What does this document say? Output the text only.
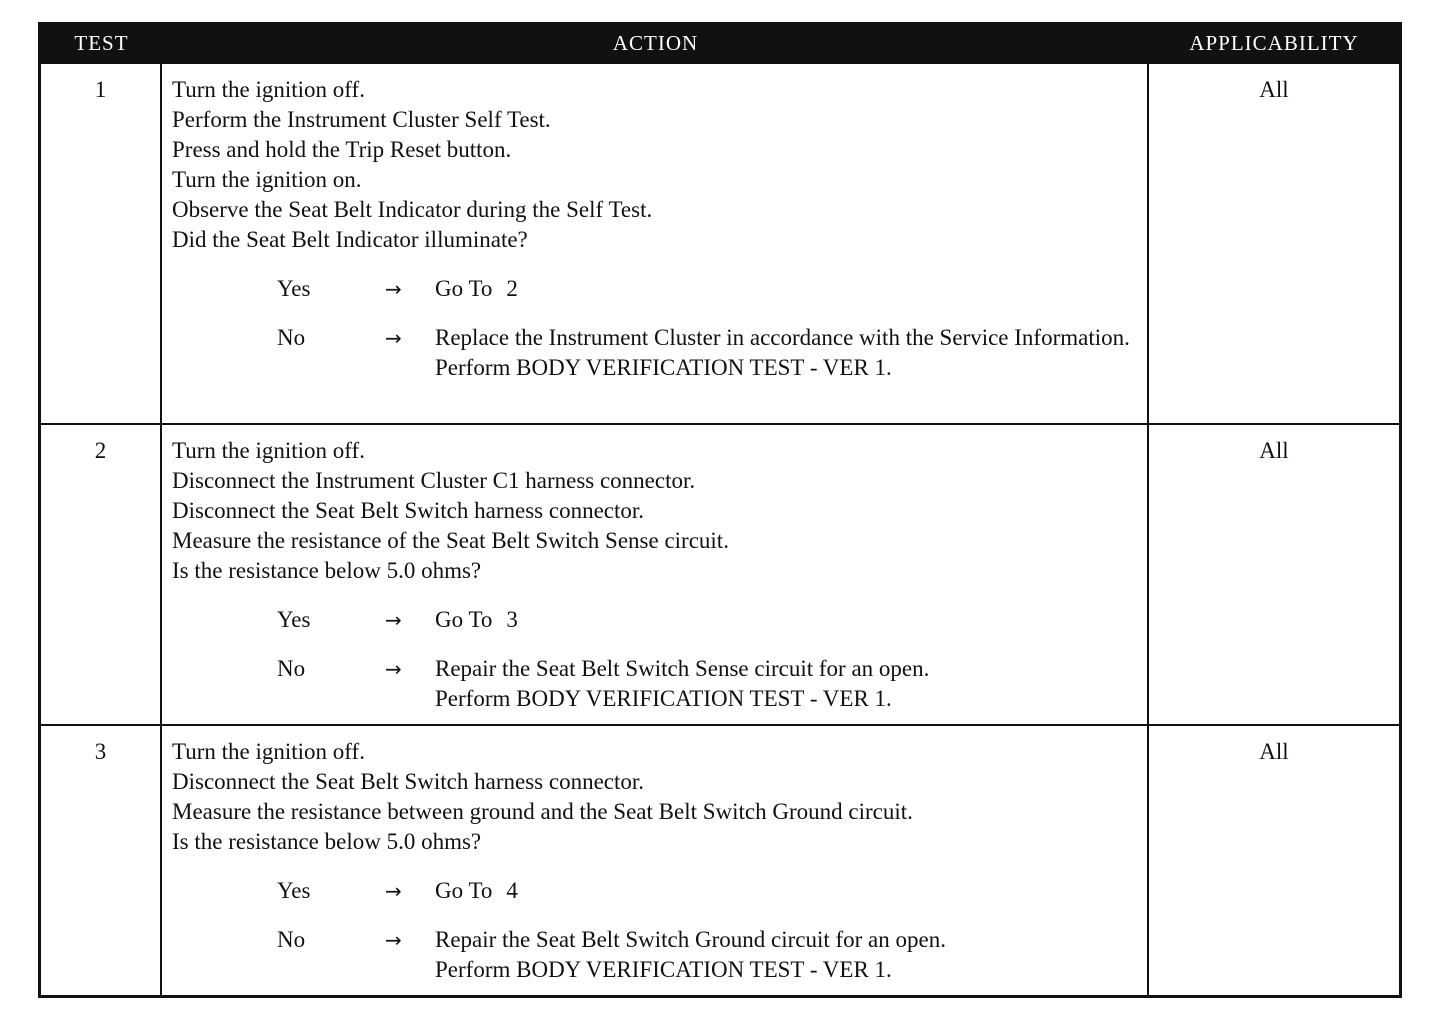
TEST	ACTION	APPLICABILITY
1	Turn the ignition off.
Perform the Instrument Cluster Self Test.
Press and hold the Trip Reset button.
Turn the ignition on.
Observe the Seat Belt Indicator during the Self Test.
Did the Seat Belt Indicator illuminate?
Yes	→	Go To 2
No	→	Replace the Instrument Cluster in accordance with the Service Information.
Perform BODY VERIFICATION TEST - VER 1.
All
2	Turn the ignition off.
Disconnect the Instrument Cluster C1 harness connector.
Disconnect the Seat Belt Switch harness connector.
Measure the resistance of the Seat Belt Switch Sense circuit.
Is the resistance below 5.0 ohms?
Yes	→	Go To 3
No	→	Repair the Seat Belt Switch Sense circuit for an open.
Perform BODY VERIFICATION TEST - VER 1.
All
3	Turn the ignition off.
Disconnect the Seat Belt Switch harness connector.
Measure the resistance between ground and the Seat Belt Switch Ground circuit.
Is the resistance below 5.0 ohms?
Yes	→	Go To 4
No	→	Repair the Seat Belt Switch Ground circuit for an open.
Perform BODY VERIFICATION TEST - VER 1.
All
